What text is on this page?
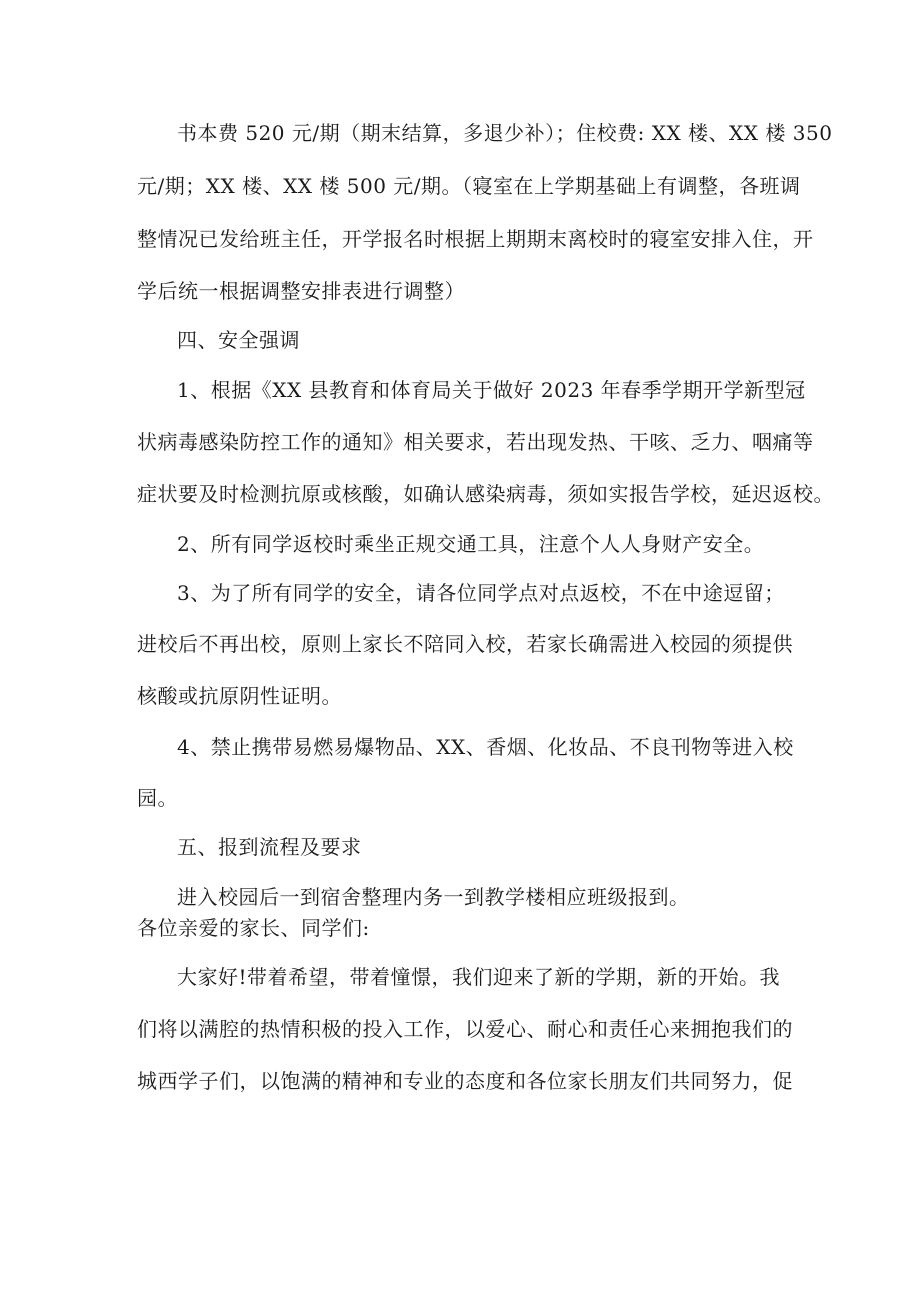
书本费 520 元/期（期末结算，多退少补）；住校费: XX 楼、XX 楼 350
元/期；XX 楼、XX 楼 500 元/期。（寝室在上学期基础上有调整，各班调
整情况已发给班主任，开学报名时根据上期期末离校时的寝室安排入住，开
学后统一根据调整安排表进行调整）
四、安全强调
1、根据《XX 县教育和体育局关于做好 2023 年春季学期开学新型冠
状病毒感染防控工作的通知》相关要求，若出现发热、干咳、乏力、咽痛等
症状要及时检测抗原或核酸，如确认感染病毒，须如实报告学校，延迟返校。
2、所有同学返校时乘坐正规交通工具，注意个人人身财产安全。
3、为了所有同学的安全，请各位同学点对点返校，不在中途逗留；
进校后不再出校，原则上家长不陪同入校，若家长确需进入校园的须提供
核酸或抗原阴性证明。
4、禁止携带易燃易爆物品、XX、香烟、化妆品、不良刊物等进入校
园。
五、报到流程及要求
进入校园后一到宿舍整理内务一到教学楼相应班级报到。
各位亲爱的家长、同学们:
大家好!带着希望，带着憧憬，我们迎来了新的学期，新的开始。我
们将以满腔的热情积极的投入工作，以爱心、耐心和责任心来拥抱我们的
城西学子们，以饱满的精神和专业的态度和各位家长朋友们共同努力，促
